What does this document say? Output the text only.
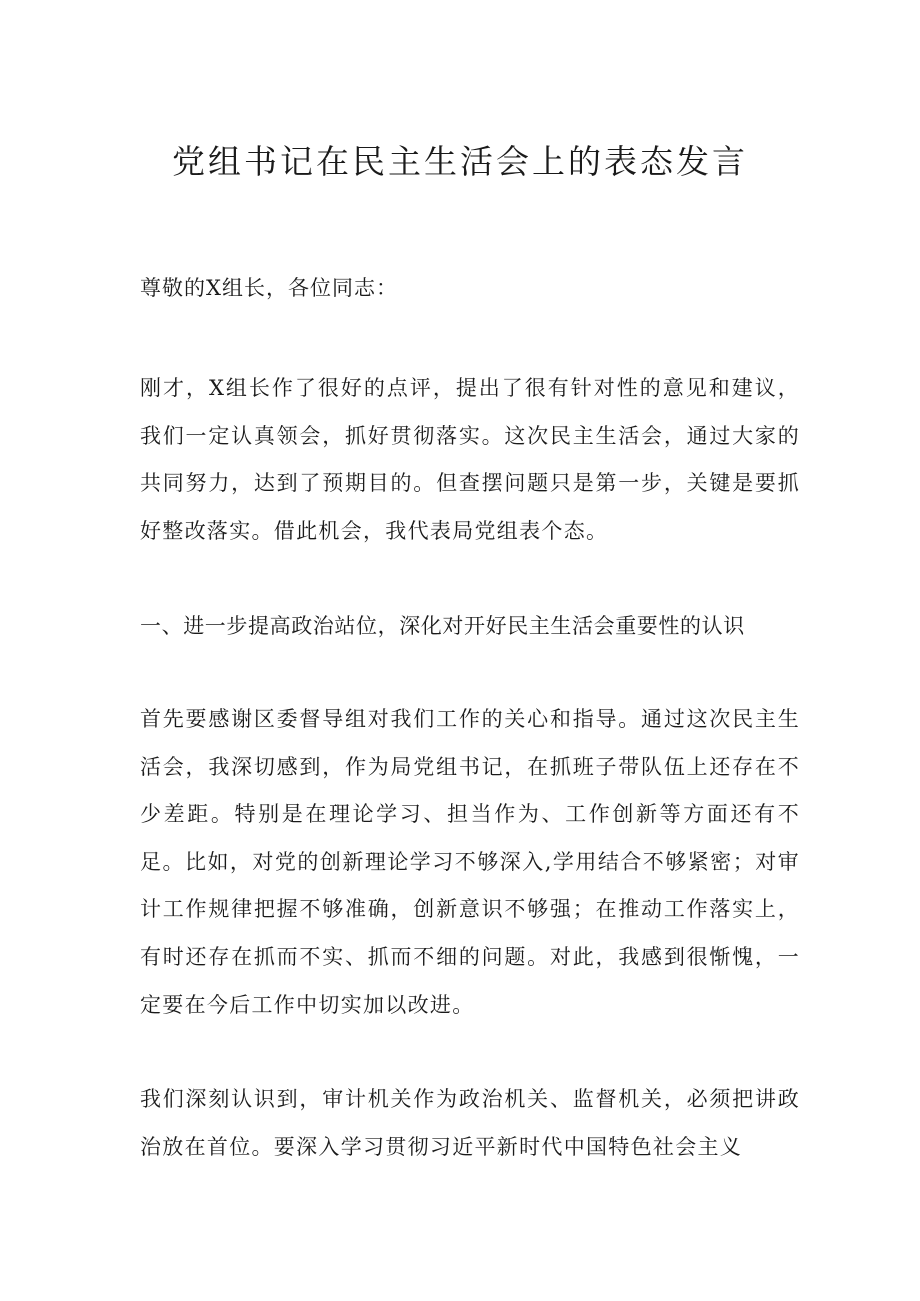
党组书记在民主生活会上的表态发言

尊敬的X组长，各位同志：

刚才，X组长作了很好的点评，提出了很有针对性的意见和建议，我们一定认真领会，抓好贯彻落实。这次民主生活会，通过大家的共同努力，达到了预期目的。但查摆问题只是第一步，关键是要抓好整改落实。借此机会，我代表局党组表个态。

一、进一步提高政治站位，深化对开好民主生活会重要性的认识

首先要感谢区委督导组对我们工作的关心和指导。通过这次民主生活会，我深切感到，作为局党组书记，在抓班子带队伍上还存在不少差距。特别是在理论学习、担当作为、工作创新等方面还有不足。比如，对党的创新理论学习不够深入,学用结合不够紧密；对审计工作规律把握不够准确，创新意识不够强；在推动工作落实上，有时还存在抓而不实、抓而不细的问题。对此，我感到很惭愧，一定要在今后工作中切实加以改进。

我们深刻认识到，审计机关作为政治机关、监督机关，必须把讲政治放在首位。要深入学习贯彻习近平新时代中国特色社会主义
